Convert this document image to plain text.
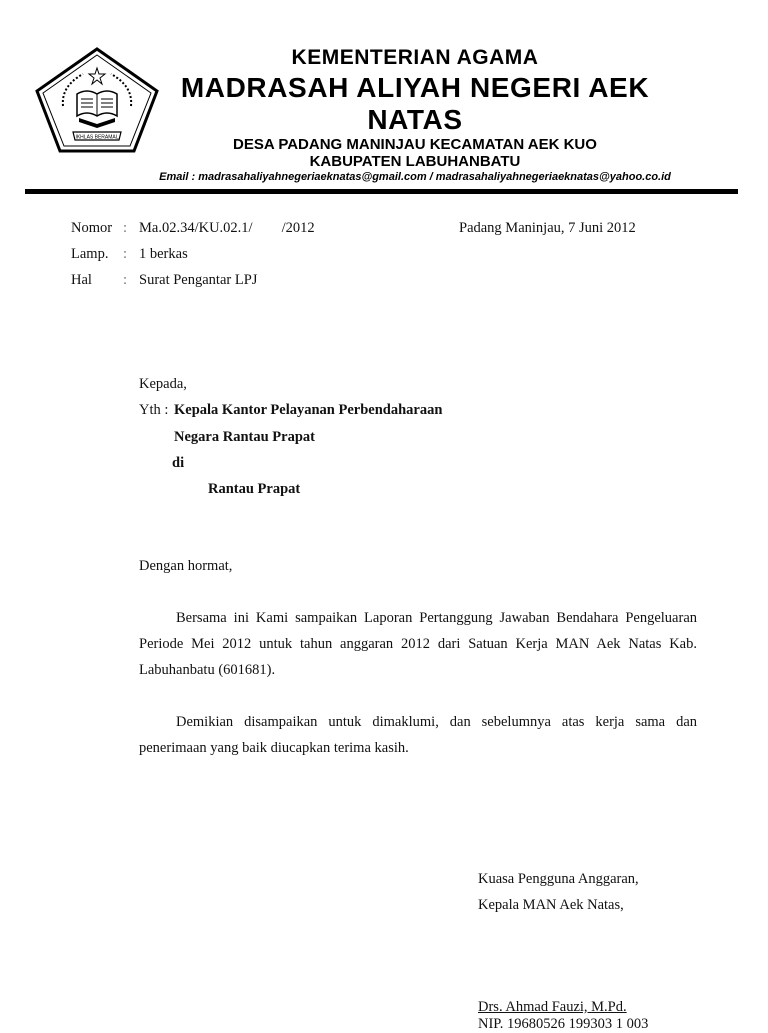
IKHLAS BERAMAL
KEMENTERIAN AGAMA
MADRASAH ALIYAH NEGERI AEK NATAS
DESA PADANG MANINJAU KECAMATAN AEK KUO
KABUPATEN LABUHANBATU
Email : madrasahaliyahnegeriaeknatas@gmail.com / madrasahaliyahnegeriaeknatas@yahoo.co.id
Nomor : Ma.02.34/KU.02.1/        /2012	Padang Maninjau, 7 Juni 2012
Lamp. : 1 berkas
Hal : Surat Pengantar LPJ
Kepada,
Yth : Kepala Kantor Pelayanan Perbendaharaan
Negara Rantau Prapat
di
Rantau Prapat
Dengan hormat,
Bersama ini Kami sampaikan Laporan Pertanggung Jawaban Bendahara Pengeluaran Periode Mei 2012 untuk tahun anggaran 2012 dari Satuan Kerja MAN Aek Natas Kab. Labuhanbatu (601681).
Demikian disampaikan untuk dimaklumi, dan sebelumnya atas kerja sama dan penerimaan yang baik diucapkan terima kasih.
Kuasa Pengguna Anggaran,
Kepala MAN Aek Natas,
Drs. Ahmad Fauzi, M.Pd.
NIP. 19680526 199303 1 003
